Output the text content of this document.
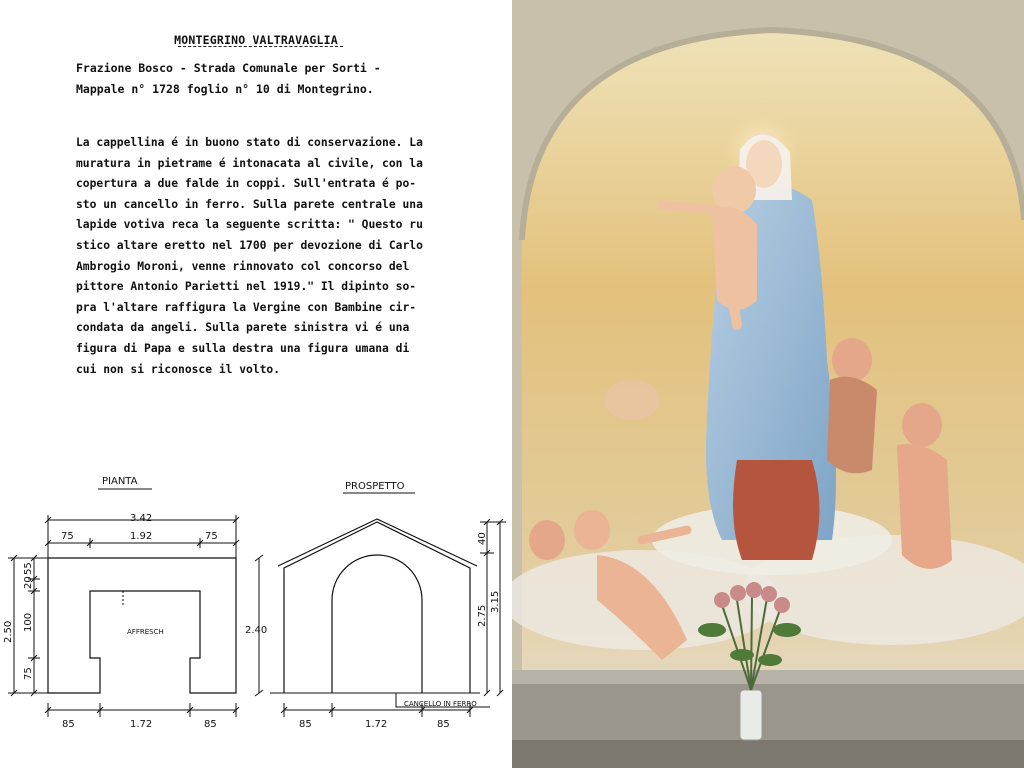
MONTEGRINO VALTRAVAGLIA
Frazione Bosco - Strada Comunale per Sorti -
Mappale n° 1728 foglio n° 10 di Montegrino.
La cappellina é in buono stato di conservazione. La
muratura in pietrame é intonacata al civile, con la
copertura a due falde in coppi. Sull'entrata é po-
sto un cancello in ferro. Sulla parete centrale una
lapide votiva reca la seguente scritta: " Questo ru
stico altare eretto nel 1700 per devozione di Carlo
Ambrogio Moroni, venne rinnovato col concorso del
pittore Antonio Parietti nel 1919." Il dipinto so-
pra l'altare raffigura la Vergine con Bambine cir-
condata da angeli. Sulla parete sinistra vi é una
figura di Papa e sulla destra una figura umana di
cui non si riconosce il volto.
PIANTA	PROSPETTO
3.42
75	1.92	75
AFFRESCH
85	1.72	85
2.50
55
20
100
75
2.40
85	1.72	85
40
2.75
3.15
CANCELLO IN FERRO
